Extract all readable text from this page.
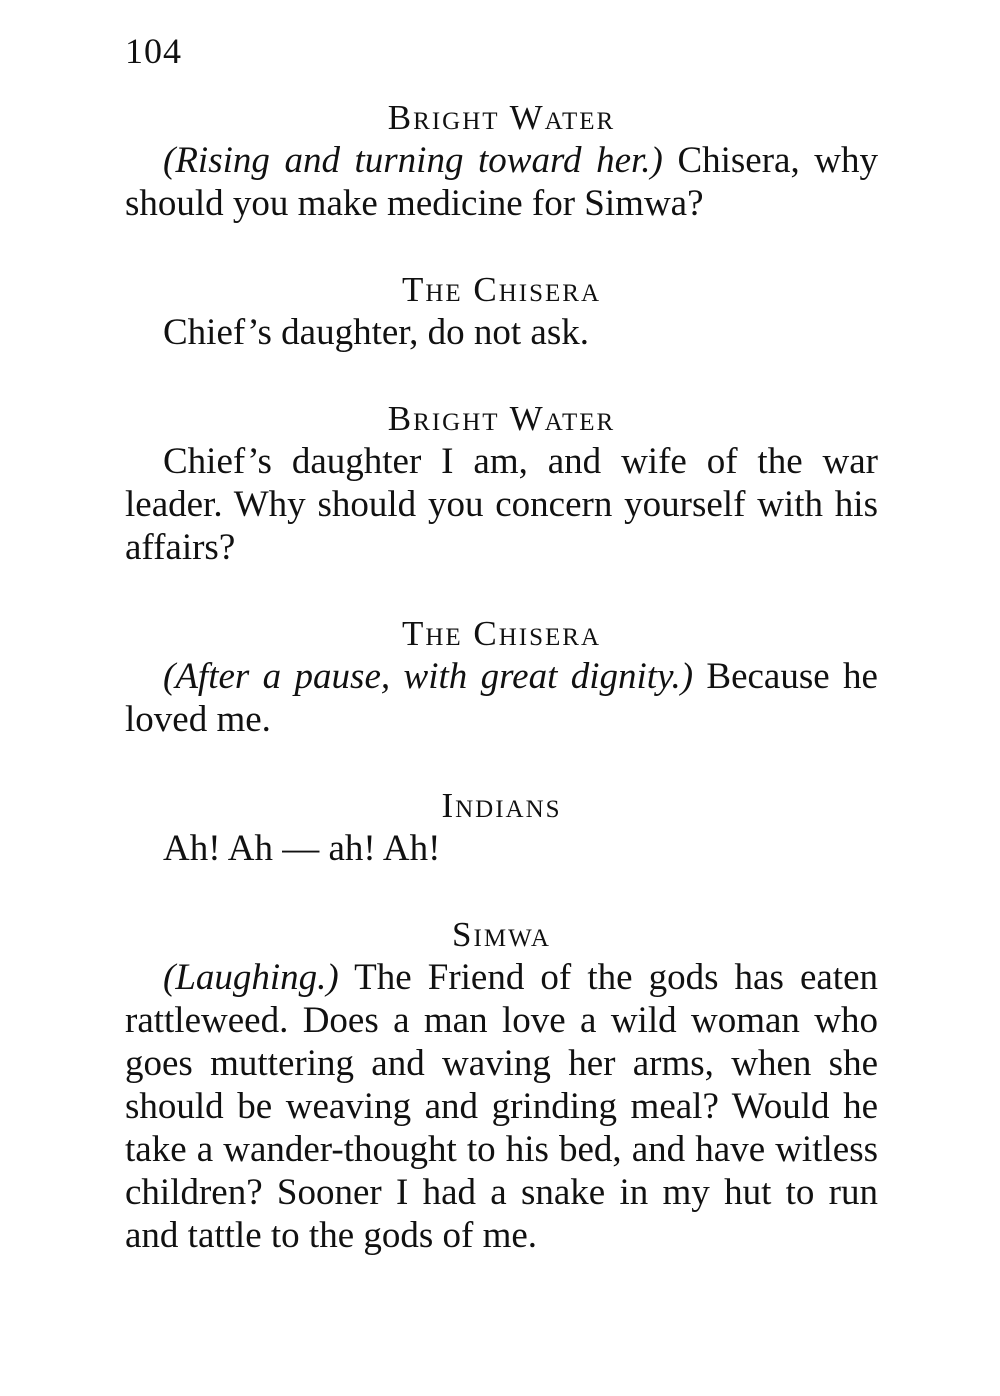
104

Bright Water

(Rising and turning toward her.) Chisera, why should you make medicine for Simwa?

The Chisera

Chief’s daughter, do not ask.

Bright Water

Chief’s daughter I am, and wife of the war leader. Why should you concern yourself with his affairs?

The Chisera

(After a pause, with great dignity.) Because he loved me.

Indians

Ah! Ah — ah! Ah!

Simwa

(Laughing.) The Friend of the gods has eaten rattleweed. Does a man love a wild woman who goes muttering and waving her arms, when she should be weaving and grinding meal? Would he take a wander-thought to his bed, and have witless children? Sooner I had a snake in my hut to run and tattle to the gods of me.
